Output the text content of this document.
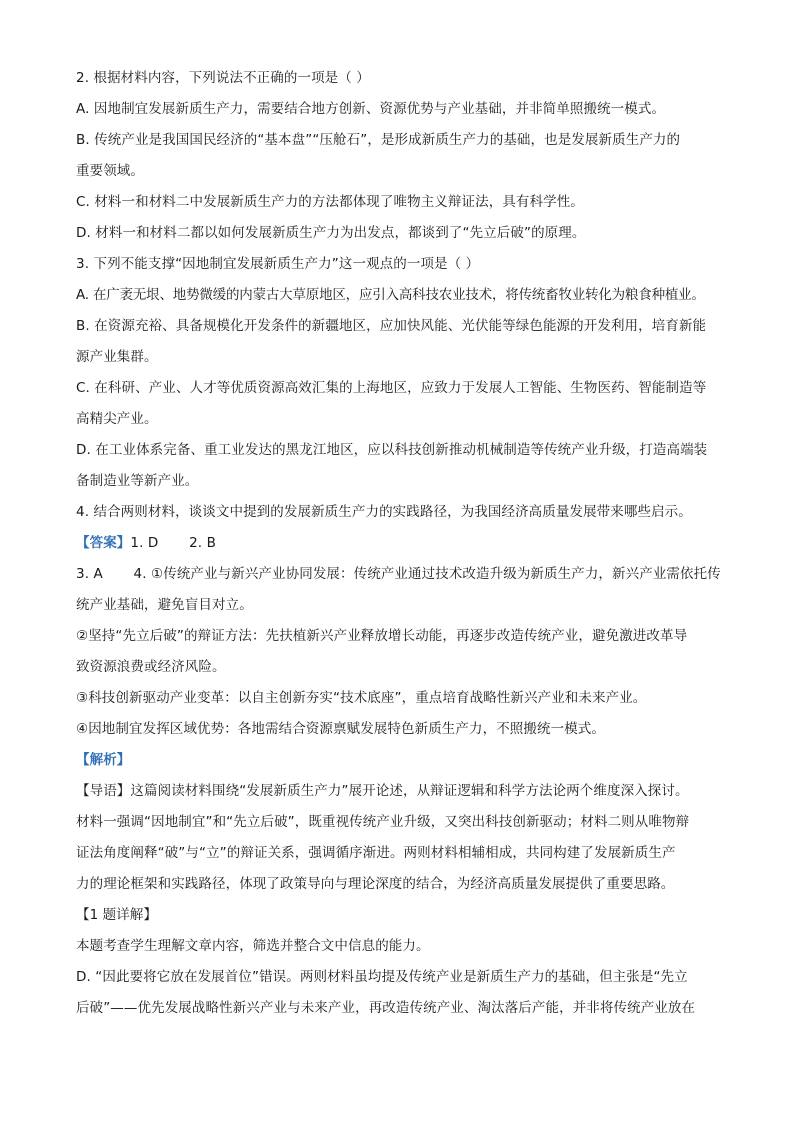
2. 根据材料内容，下列说法不正确的一项是（ ）
A. 因地制宜发展新质生产力，需要结合地方创新、资源优势与产业基础，并非简单照搬统一模式。
B. 传统产业是我国国民经济的“基本盘”“压舱石”，是形成新质生产力的基础，也是发展新质生产力的
重要领域。
C. 材料一和材料二中发展新质生产力的方法都体现了唯物主义辩证法，具有科学性。
D. 材料一和材料二都以如何发展新质生产力为出发点，都谈到了“先立后破”的原理。
3. 下列不能支撑“因地制宜发展新质生产力”这一观点的一项是（ ）
A. 在广袤无垠、地势微缓的内蒙古大草原地区，应引入高科技农业技术，将传统畜牧业转化为粮食种植业。
B. 在资源充裕、具备规模化开发条件的新疆地区，应加快风能、光伏能等绿色能源的开发利用，培育新能
源产业集群。
C. 在科研、产业、人才等优质资源高效汇集的上海地区，应致力于发展人工智能、生物医药、智能制造等
高精尖产业。
D. 在工业体系完备、重工业发达的黑龙江地区，应以科技创新推动机械制造等传统产业升级，打造高端装
备制造业等新产业。
4. 结合两则材料，谈谈文中提到的发展新质生产力的实践路径，为我国经济高质量发展带来哪些启示。
【答案】1. D       2. B
3. A       4. ①传统产业与新兴产业协同发展：传统产业通过技术改造升级为新质生产力，新兴产业需依托传
统产业基础，避免盲目对立。
②坚持“先立后破”的辩证方法：先扶植新兴产业释放增长动能，再逐步改造传统产业，避免激进改革导
致资源浪费或经济风险。
③科技创新驱动产业变革：以自主创新夯实“技术底座”，重点培育战略性新兴产业和未来产业。
④因地制宜发挥区域优势：各地需结合资源禀赋发展特色新质生产力，不照搬统一模式。
【解析】
【导语】这篇阅读材料围绕“发展新质生产力”展开论述，从辩证逻辑和科学方法论两个维度深入探讨。
材料一强调“因地制宜”和“先立后破”，既重视传统产业升级，又突出科技创新驱动；材料二则从唯物辩
证法角度阐释“破”与“立”的辩证关系，强调循序渐进。两则材料相辅相成，共同构建了发展新质生产
力的理论框架和实践路径，体现了政策导向与理论深度的结合，为经济高质量发展提供了重要思路。
【1 题详解】
本题考查学生理解文章内容，筛选并整合文中信息的能力。
D. “因此要将它放在发展首位”错误。两则材料虽均提及传统产业是新质生产力的基础，但主张是“先立
后破”——优先发展战略性新兴产业与未来产业，再改造传统产业、淘汰落后产能，并非将传统产业放在
